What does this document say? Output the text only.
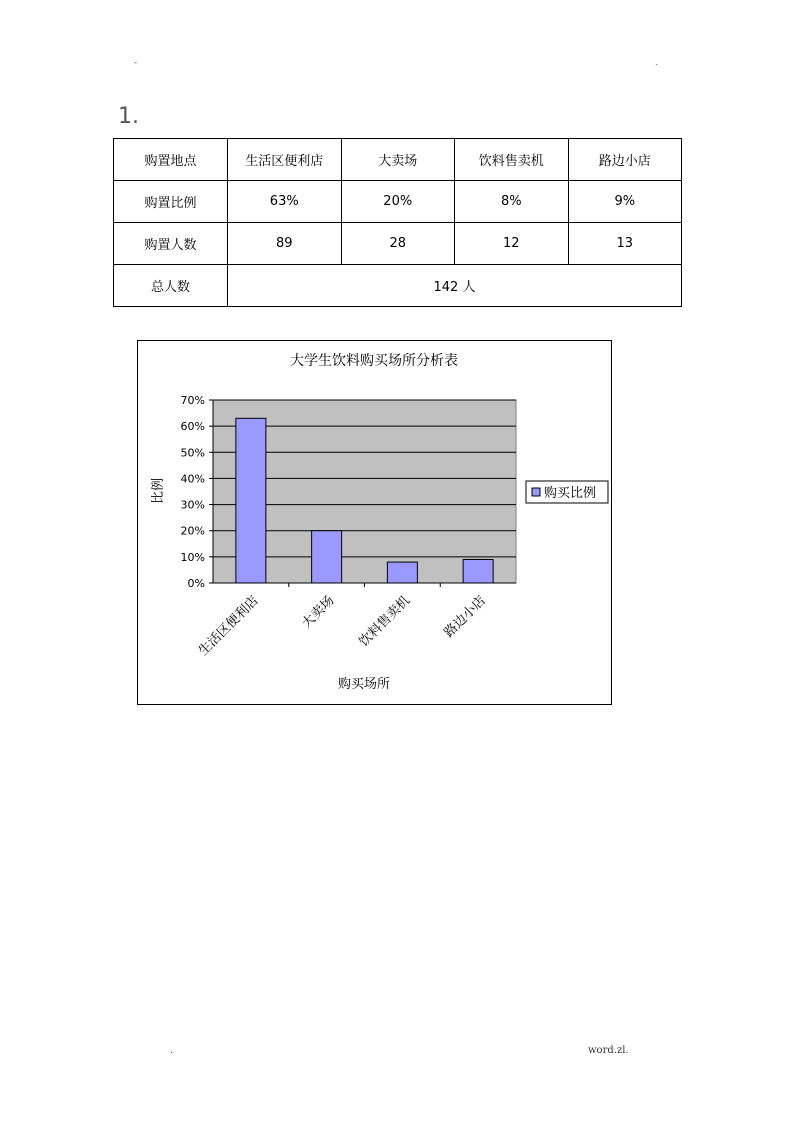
-	.
1.
购置地点	生活区便利店	大卖场	饮料售卖机	路边小店
购置比例	63%	20%	8%	9%
购置人数	89	28	12	13
总人数	142 人			
大学生饮料购买场所分析表
0%
10%
20%
30%
40%
50%
60%
70%
生活区便利店	大卖场 饮料售卖机 路边小店
比例
购买场所
购买比例
.	word.zl.
